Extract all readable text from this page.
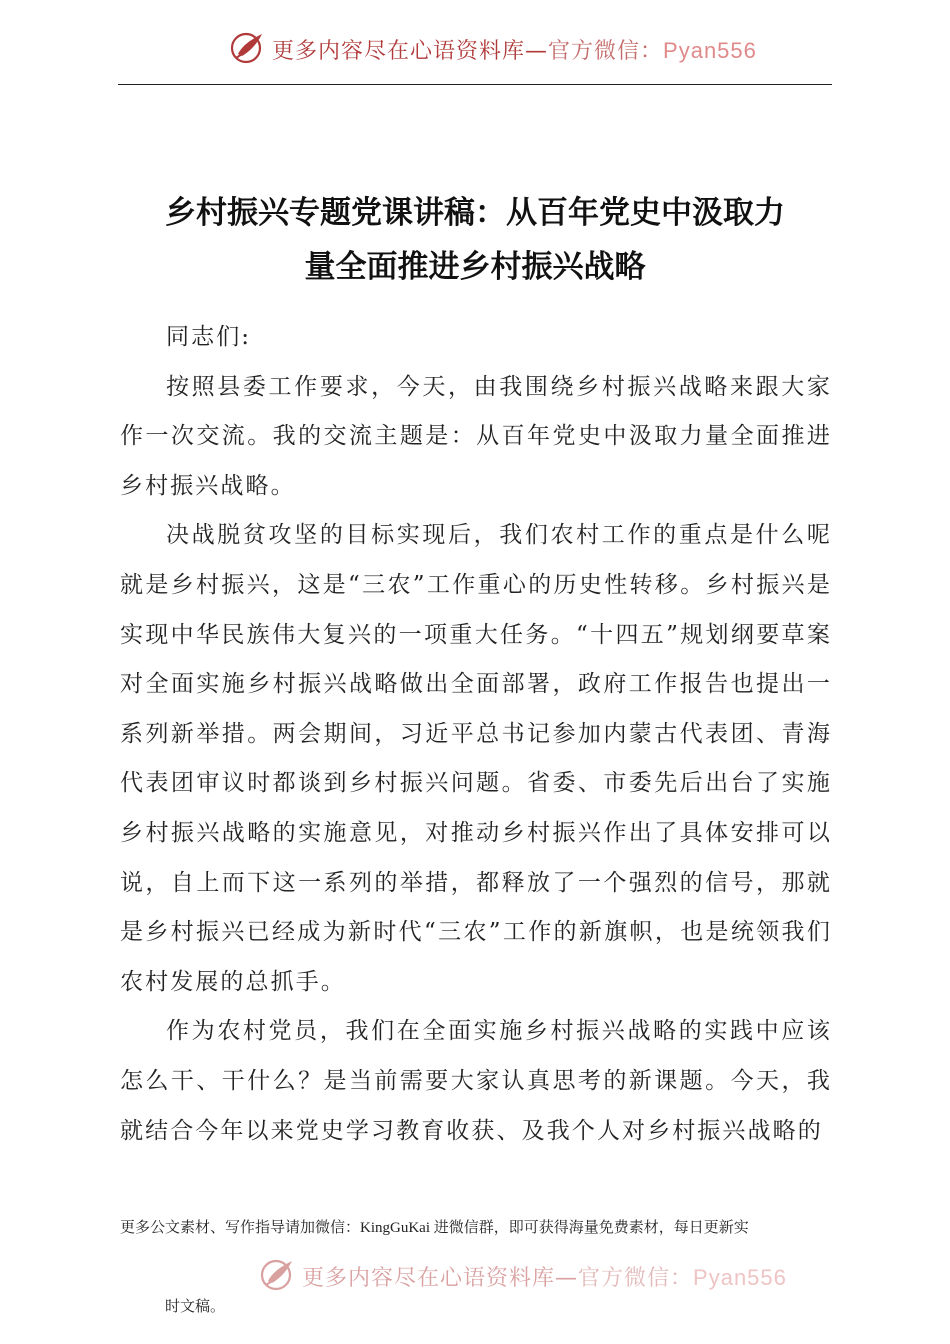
更多内容尽在心语资料库—官方微信：Pyan556
乡村振兴专题党课讲稿：从百年党史中汲取力
量全面推进乡村振兴战略

同志们:

按照县委工作要求，今天，由我围绕乡村振兴战略来跟大家作一次交流。我的交流主题是：从百年党史中汲取力量全面推进乡村振兴战略。

决战脱贫攻坚的目标实现后，我们农村工作的重点是什么呢就是乡村振兴，这是“三农”工作重心的历史性转移。乡村振兴是实现中华民族伟大复兴的一项重大任务。“十四五”规划纲要草案对全面实施乡村振兴战略做出全面部署，政府工作报告也提出一系列新举措。两会期间，习近平总书记参加内蒙古代表团、青海代表团审议时都谈到乡村振兴问题。省委、市委先后出台了实施乡村振兴战略的实施意见，对推动乡村振兴作出了具体安排可以说，自上而下这一系列的举措，都释放了一个强烈的信号，那就是乡村振兴已经成为新时代“三农”工作的新旗帜，也是统领我们农村发展的总抓手。

作为农村党员，我们在全面实施乡村振兴战略的实践中应该怎么干、干什么？是当前需要大家认真思考的新课题。今天，我就结合今年以来党史学习教育收获、及我个人对乡村振兴战略的

更多公文素材、写作指导请加微信：KingGuKai 进微信群，即可获得海量免费素材，每日更新实
更多内容尽在心语资料库—官方微信：Pyan556
时文稿。
